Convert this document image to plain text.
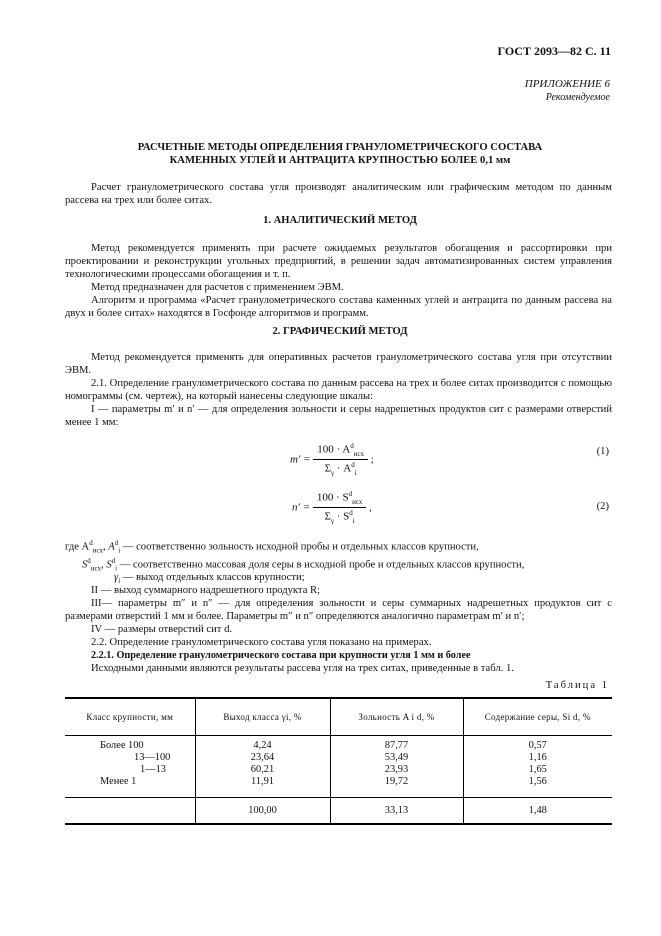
ГОСТ 2093—82 С. 11
ПРИЛОЖЕНИЕ 6
Рекомендуемое
РАСЧЕТНЫЕ МЕТОДЫ ОПРЕДЕЛЕНИЯ ГРАНУЛОМЕТРИЧЕСКОГО СОСТАВА
КАМЕННЫХ УГЛЕЙ И АНТРАЦИТА КРУПНОСТЬЮ БОЛЕЕ 0,1 мм
Расчет гранулометрического состава угля производят аналитическим или графическим методом по данным рассева на трех или более ситах.
1. АНАЛИТИЧЕСКИЙ МЕТОД
Метод рекомендуется применять при расчете ожидаемых результатов обогащения и рассортировки при проектировании и реконструкции угольных предприятий, в решении задач автоматизированных систем управления технологическими процессами обогащения и т. п.
Метод предназначен для расчетов с применением ЭВМ.
Алгоритм и программа «Расчет гранулометрического состава каменных углей и антрацита по данным рассева на двух и более ситах» находятся в Госфонде алгоритмов и программ.
2. ГРАФИЧЕСКИЙ МЕТОД
Метод рекомендуется применять для оперативных расчетов гранулометрического состава угля при отсутствии ЭВМ.
2.1. Определение гранулометрического состава по данным рассева на трех и более ситах производится с помощью номограммы (см. чертеж), на который нанесены следующие шкалы:
I — параметры m′ и n′ — для определения зольности и серы надрешетных продуктов сит с размерами отверстий менее 1 мм:
$m' = \frac{100 \cdot A^d_{исх}}{\Sigma_\gamma \cdot A^d_i}$ ;
(1)
$n' = \frac{100 \cdot S^d_{исх}}{\Sigma_\gamma \cdot S^d_i}$ ,	(2)
где $A^d_{исх}$, $A^d_i$ — соответственно зольность исходной пробы и отдельных классов крупности,
$S^d_{исх}$, $S^d_i$ — соответственно массовая доля серы в исходной пробе и отдельных классов крупности,
$\gamma_i$ — выход отдельных классов крупности;
II — выход суммарного надрешетного продукта R;
III— параметры m″ и n″ — для определения зольности и серы суммарных надрешетных продуктов сит с размерами отверстий 1 мм и более. Параметры m″ и n″ определяются аналогично параметрам m′ и n′;
IV — размеры отверстий сит d.
2.2. Определение гранулометрического состава угля показано на примерах.
2.2.1. Определение гранулометрического состава при крупности угля 1 мм и более
Исходными данными являются результаты рассева угля на трех ситах, приведенные в табл. 1.
Таблица 1
Класс крупности, мм	Выход класса γi, %	Зольность A i d, %	Содержание серы, Si d, %

Более 100	4,24	87,77	0,57
13—100	23,64	53,49	1,16
1—13	60,21	23,93	1,65
Менее 1	11,91	19,72	1,56

	100,00	33,13	1,48
